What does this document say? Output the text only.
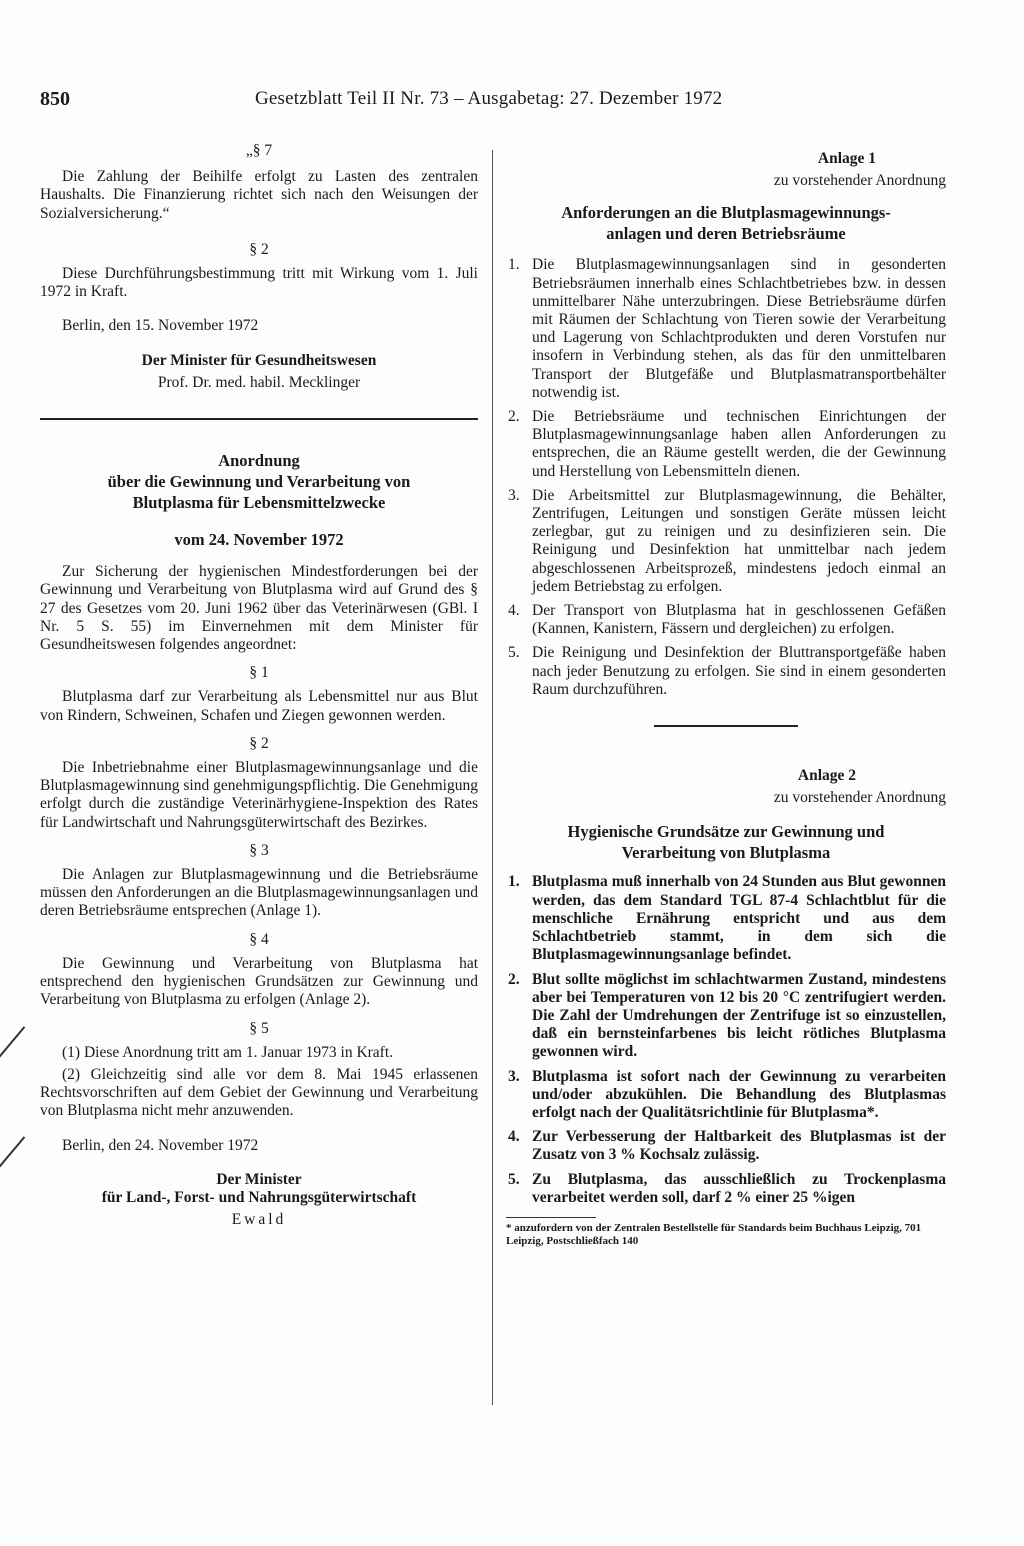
850	Gesetzblatt Teil II Nr. 73 – Ausgabetag: 27. Dezember 1972

„§ 7

Die Zahlung der Beihilfe erfolgt zu Lasten des zentralen Haushalts. Die Finanzierung richtet sich nach den Weisungen der Sozialversicherung.“

§ 2

Diese Durchführungsbestimmung tritt mit Wirkung vom 1. Juli 1972 in Kraft.

Berlin, den 15. November 1972

Der Minister für Gesundheitswesen

Prof. Dr. med. habil. Mecklinger

Anordnung
über die Gewinnung und Verarbeitung von
Blutplasma für Lebensmittelzwecke

vom 24. November 1972

Zur Sicherung der hygienischen Mindestforderungen bei der Gewinnung und Verarbeitung von Blutplasma wird auf Grund des § 27 des Gesetzes vom 20. Juni 1962 über das Veterinärwesen (GBl. I Nr. 5 S. 55) im Einvernehmen mit dem Minister für Gesundheitswesen folgendes angeordnet:

§ 1

Blutplasma darf zur Verarbeitung als Lebensmittel nur aus Blut von Rindern, Schweinen, Schafen und Ziegen gewonnen werden.

§ 2

Die Inbetriebnahme einer Blutplasmagewinnungsanlage und die Blutplasmagewinnung sind genehmigungspflichtig. Die Genehmigung erfolgt durch die zuständige Veterinärhygiene-Inspektion des Rates für Landwirtschaft und Nahrungsgüterwirtschaft des Bezirkes.

§ 3

Die Anlagen zur Blutplasmagewinnung und die Betriebsräume müssen den Anforderungen an die Blutplasmagewinnungsanlagen und deren Betriebsräume entsprechen (Anlage 1).

§ 4

Die Gewinnung und Verarbeitung von Blutplasma hat entsprechend den hygienischen Grundsätzen zur Gewinnung und Verarbeitung von Blutplasma zu erfolgen (Anlage 2).

§ 5

(1) Diese Anordnung tritt am 1. Januar 1973 in Kraft.

(2) Gleichzeitig sind alle vor dem 8. Mai 1945 erlassenen Rechtsvorschriften auf dem Gebiet der Gewinnung und Verarbeitung von Blutplasma nicht mehr anzuwenden.

Berlin, den 24. November 1972

Der Minister

für Land-, Forst- und Nahrungsgüterwirtschaft

Ewald

Anlage 1

zu vorstehender Anordnung

Anforderungen an die Blutplasmagewinnungs-
anlagen und deren Betriebsräume
1. Die Blutplasmagewinnungsanlagen sind in gesonderten Betriebsräumen innerhalb eines Schlachtbetriebes bzw. in dessen unmittelbarer Nähe unterzubringen. Diese Betriebsräume dürfen mit Räumen der Schlachtung von Tieren sowie der Verarbeitung und Lagerung von Schlachtprodukten und deren Vorstufen nur insofern in Verbindung stehen, als das für den unmittelbaren Transport der Blutgefäße und Blutplasmatransportbehälter notwendig ist.
2. Die Betriebsräume und technischen Einrichtungen der Blutplasmagewinnungsanlage haben allen Anforderungen zu entsprechen, die an Räume gestellt werden, die der Gewinnung und Herstellung von Lebensmitteln dienen.
3. Die Arbeitsmittel zur Blutplasmagewinnung, die Behälter, Zentrifugen, Leitungen und sonstigen Geräte müssen leicht zerlegbar, gut zu reinigen und zu desinfizieren sein. Die Reinigung und Desinfektion hat unmittelbar nach jedem abgeschlossenen Arbeitsprozeß, mindestens jedoch einmal an jedem Betriebstag zu erfolgen.
4. Der Transport von Blutplasma hat in geschlossenen Gefäßen (Kannen, Kanistern, Fässern und dergleichen) zu erfolgen.
5. Die Reinigung und Desinfektion der Bluttransportgefäße haben nach jeder Benutzung zu erfolgen. Sie sind in einem gesonderten Raum durchzuführen.

Anlage 2

zu vorstehender Anordnung

Hygienische Grundsätze zur Gewinnung und
Verarbeitung von Blutplasma
1. Blutplasma muß innerhalb von 24 Stunden aus Blut gewonnen werden, das dem Standard TGL 87-4 Schlachtblut für die menschliche Ernährung entspricht und aus dem Schlachtbetrieb stammt, in dem sich die Blutplasmagewinnungsanlage befindet.
2. Blut sollte möglichst im schlachtwarmen Zustand, mindestens aber bei Temperaturen von 12 bis 20 °C zentrifugiert werden. Die Zahl der Umdrehungen der Zentrifuge ist so einzustellen, daß ein bernsteinfarbenes bis leicht rötliches Blutplasma gewonnen wird.
3. Blutplasma ist sofort nach der Gewinnung zu verarbeiten und/oder abzukühlen. Die Behandlung des Blutplasmas erfolgt nach der Qualitätsrichtlinie für Blutplasma*.
4. Zur Verbesserung der Haltbarkeit des Blutplasmas ist der Zusatz von 3 % Kochsalz zulässig.
5. Zu Blutplasma, das ausschließlich zu Trockenplasma verarbeitet werden soll, darf 2 % einer 25 %igen

* anzufordern von der Zentralen Bestellstelle für Standards beim Buchhaus Leipzig, 701 Leipzig, Postschließfach 140
